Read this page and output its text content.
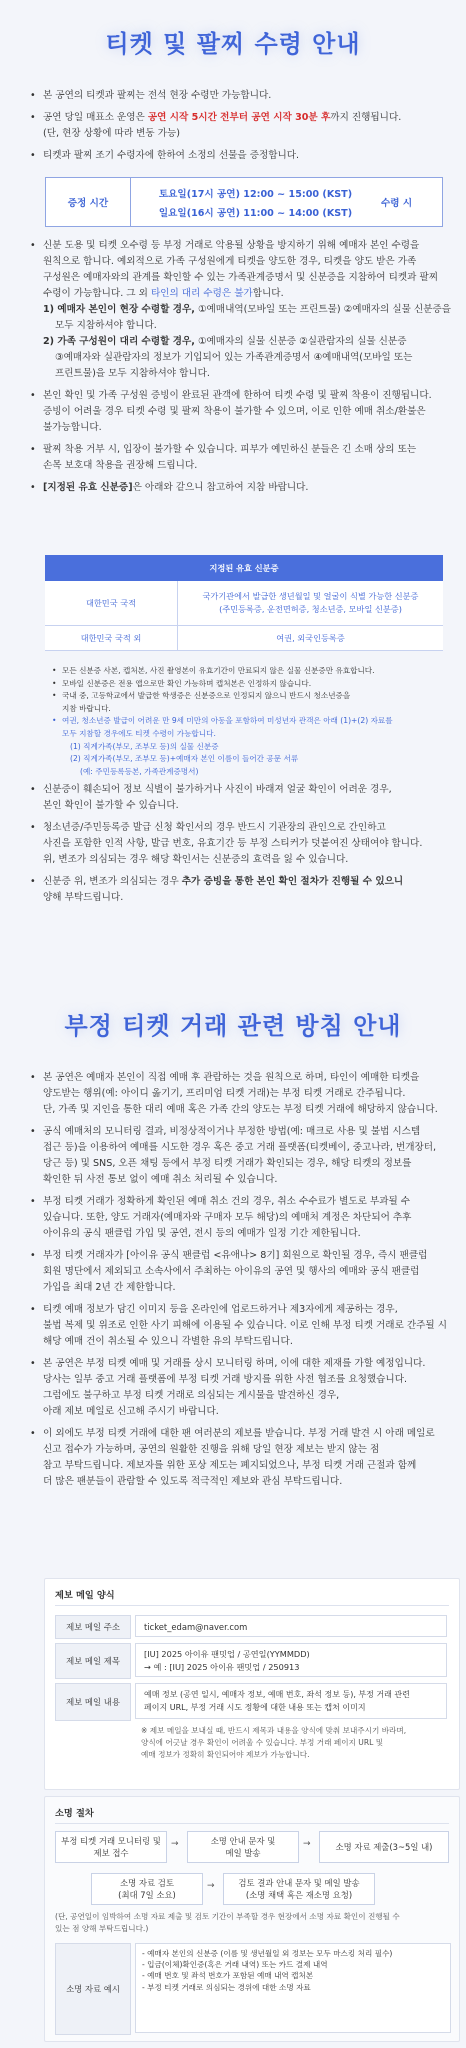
티켓 및 팔찌 수령 안내
• 본 공연의 티켓과 팔찌는 전석 현장 수령만 가능합니다.

• 공연 당일 매표소 운영은 공연 시작 5시간 전부터 공연 시작 30분 후까지 진행됩니다.

(단, 현장 상황에 따라 변동 가능)

• 티켓과 팔찌 조기 수령자에 한하여 소정의 선물을 증정합니다.

증정 시간	토요일(17시 공연) 12:00 ~ 15:00 (KST)	수령 시
일요일(16시 공연) 11:00 ~ 14:00 (KST)
• 신분 도용 및 티켓 오수령 등 부정 거래로 악용될 상황을 방지하기 위해 예매자 본인 수령을

원칙으로 합니다. 예외적으로 가족 구성원에게 티켓을 양도한 경우, 티켓을 양도 받은 가족

구성원은 예매자와의 관계를 확인할 수 있는 가족관계증명서 및 신분증을 지참하여 티켓과 팔찌

수령이 가능합니다. 그 외 타인의 대리 수령은 불가합니다.

1) 예매자 본인이 현장 수령할 경우, ①예매내역(모바일 또는 프린트물) ②예매자의 실물 신분증을

모두 지참하셔야 합니다.

2) 가족 구성원이 대리 수령할 경우, ①예매자의 실물 신분증 ②실관람자의 실물 신분증

③예매자와 실관람자의 정보가 기입되어 있는 가족관계증명서 ④예매내역(모바일 또는

프린트물)을 모두 지참하셔야 합니다.

• 본인 확인 및 가족 구성원 증빙이 완료된 관객에 한하여 티켓 수령 및 팔찌 착용이 진행됩니다.

증빙이 어려울 경우 티켓 수령 및 팔찌 착용이 불가할 수 있으며, 이로 인한 예매 취소/환불은

불가능합니다.

• 팔찌 착용 거부 시, 입장이 불가할 수 있습니다. 피부가 예민하신 분들은 긴 소매 상의 또는

손목 보호대 착용을 권장해 드립니다.

• [지정된 유효 신분증]은 아래와 같으니 참고하여 지참 바랍니다.

지정된 유효 신분증	
대한민국 국적	국가기관에서 발급한 생년월일 및 얼굴이 식별 가능한 신분증
(주민등록증, 운전면허증, 청소년증, 모바일 신분증)

대한민국 국적 외	여권, 외국인등록증
• 모든 신분증 사본, 캡처본, 사진 촬영본이 유효기간이 만료되지 않은 실물 신분증만 유효합니다.
• 모바일 신분증은 전용 앱으로만 확인 가능하며 캡처본은 인정하지 않습니다.
• 국내 중, 고등학교에서 발급한 학생증은 신분증으로 인정되지 않으니 반드시 청소년증을
지참 바랍니다.
• 여권, 청소년증 발급이 어려운 만 9세 미만의 아동을 포함하여 미성년자 관객은 아래 (1)+(2) 자료를
모두 지참할 경우에도 티켓 수령이 가능합니다.
(1) 직계가족(부모, 조부모 등)의 실물 신분증
(2) 직계가족(부모, 조부모 등)+예매자 본인 이름이 들어간 공문 서류
(예: 주민등록등본, 가족관계증명서)
• 신분증이 훼손되어 정보 식별이 불가하거나 사진이 바래져 얼굴 확인이 어려운 경우,

본인 확인이 불가할 수 있습니다.

• 청소년증/주민등록증 발급 신청 확인서의 경우 반드시 기관장의 관인으로 간인하고

사진을 포함한 인적 사항, 발급 번호, 유효기간 등 부정 스티커가 덧붙여진 상태여야 합니다.

위, 변조가 의심되는 경우 해당 확인서는 신분증의 효력을 잃 수 있습니다.

• 신분증 위, 변조가 의심되는 경우 추가 증빙을 통한 본인 확인 절차가 진행될 수 있으니

양해 부탁드립니다.

부정 티켓 거래 관련 방침 안내
• 본 공연은 예매자 본인이 직접 예매 후 관람하는 것을 원칙으로 하며, 타인이 예매한 티켓을

양도받는 행위(예: 아이디 옮기기, 프리미엄 티켓 거래)는 부정 티켓 거래로 간주됩니다.

단, 가족 및 지인을 통한 대리 예매 혹은 가족 간의 양도는 부정 티켓 거래에 해당하지 않습니다.

• 공식 예매처의 모니터링 결과, 비정상적이거나 부정한 방법(예: 매크로 사용 및 불법 시스템

접근 등)을 이용하여 예매를 시도한 경우 혹은 중고 거래 플랫폼(티켓베이, 중고나라, 번개장터,

당근 등) 및 SNS, 오픈 채팅 등에서 부정 티켓 거래가 확인되는 경우, 해당 티켓의 정보를

확인한 뒤 사전 통보 없이 예매 취소 처리될 수 있습니다.

• 부정 티켓 거래가 정확하게 확인된 예매 취소 건의 경우, 취소 수수료가 별도로 부과될 수

있습니다. 또한, 양도 거래자(예매자와 구매자 모두 해당)의 예매처 계정은 차단되어 추후

아이유의 공식 팬클럽 가입 및 공연, 전시 등의 예매가 일정 기간 제한됩니다.

• 부정 티켓 거래자가 [아이유 공식 팬클럽 <유애나> 8기] 회원으로 확인될 경우, 즉시 팬클럽

회원 명단에서 제외되고 소속사에서 주최하는 아이유의 공연 및 행사의 예매와 공식 팬클럽

가입을 최대 2년 간 제한합니다.

• 티켓 예매 정보가 담긴 이미지 등을 온라인에 업로드하거나 제3자에게 제공하는 경우,

불법 복제 및 위조로 인한 사기 피해에 이용될 수 있습니다. 이로 인해 부정 티켓 거래로 간주될 시

해당 예매 건이 취소될 수 있으니 각별한 유의 부탁드립니다.

• 본 공연은 부정 티켓 예매 및 거래를 상시 모니터링 하며, 이에 대한 제재를 가할 예정입니다.

당사는 일부 중고 거래 플랫폼에 부정 티켓 거래 방지를 위한 사전 협조를 요청했습니다.

그럼에도 불구하고 부정 티켓 거래로 의심되는 게시물을 발견하신 경우,

아래 제보 메일로 신고해 주시기 바랍니다.

• 이 외에도 부정 티켓 거래에 대한 팬 여러분의 제보를 받습니다. 부정 거래 발견 시 아래 메일로

신고 접수가 가능하며, 공연의 원활한 진행을 위해 당일 현장 제보는 받지 않는 점

참고 부탁드립니다. 제보자를 위한 포상 제도는 폐지되었으나, 부정 티켓 거래 근절과 함께

더 많은 팬분들이 관람할 수 있도록 적극적인 제보와 관심 부탁드립니다.

제보 메일 양식
제보 메일 주소	ticket_edam@naver.com
제보 메일 제목
[IU] 2025 아이유 팬밋업 / 공연일(YYMMDD)
→ 예 : [IU] 2025 아이유 팬밋업 / 250913
제보 메일 내용
예매 정보 (공연 일시, 예매자 정보, 예매 번호, 좌석 정보 등), 부정 거래 관련
페이지 URL, 부정 거래 시도 정황에 대한 내용 또는 캡처 이미지
※ 제보 메일을 보내실 때, 반드시 제목과 내용을 양식에 맞춰 보내주시기 바라며,
양식에 어긋날 경우 확인이 어려울 수 있습니다. 부정 거래 페이지 URL 및
예매 정보가 정확히 확인되어야 제보가 가능합니다.
소명 절차
부정 티켓 거래 모니터링 및
제보 접수
→	소명 안내 문자 및
메일 발송
→	소명 자료 제출(3~5일 내)
소명 자료 검토
(최대 7일 소요)
→	검토 결과 안내 문자 및 메일 발송
(소명 채택 혹은 재소명 요청)
(단, 공연일이 임박하여 소명 자료 제출 및 검토 기간이 부족할 경우 현장에서 소명 자료 확인이 진행될 수
있는 점 양해 부탁드립니다.)
소명 자료 예시
- 예매자 본인의 신분증 (이름 및 생년월일 외 정보는 모두 마스킹 처리 필수)
- 입금(이체)확인증(혹은 거래 내역) 또는 카드 결제 내역
- 예매 번호 및 좌석 번호가 포함된 예매 내역 캡처본
- 부정 티켓 거래로 의심되는 경위에 대한 소명 자료
